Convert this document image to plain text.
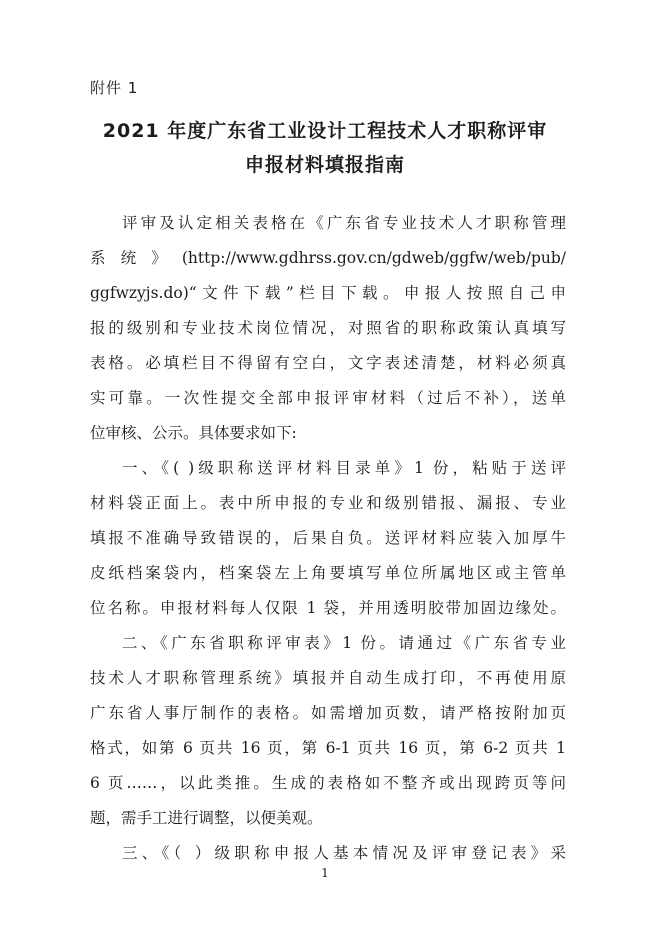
附件 1
2021 年度广东省工业设计工程技术人才职称评审
申报材料填报指南
评审及认定相关表格在《广东省专业技术人才职称管理
系统》(http://www.gdhrss.gov.cn/gdweb/ggfw/web/pub/
ggfwzyjs.do)“文件下载”栏目下载。申报人按照自己申
报的级别和专业技术岗位情况，对照省的职称政策认真填写
表格。必填栏目不得留有空白，文字表述清楚，材料必须真
实可靠。一次性提交全部申报评审材料（过后不补），送单
位审核、公示。具体要求如下:
一、《( )级职称送评材料目录单》1 份，粘贴于送评
材料袋正面上。表中所申报的专业和级别错报、漏报、专业
填报不准确导致错误的，后果自负。送评材料应装入加厚牛
皮纸档案袋内，档案袋左上角要填写单位所属地区或主管单
位名称。申报材料每人仅限 1 袋，并用透明胶带加固边缘处。
二、《广东省职称评审表》1 份。请通过《广东省专业
技术人才职称管理系统》填报并自动生成打印，不再使用原
广东省人事厅制作的表格。如需增加页数，请严格按附加页
格式，如第 6 页共 16 页，第 6-1 页共 16 页，第 6-2 页共 1
6 页……，以此类推。生成的表格如不整齐或出现跨页等问
题，需手工进行调整，以便美观。
三、《（ ）级职称申报人基本情况及评审登记表》采
1
